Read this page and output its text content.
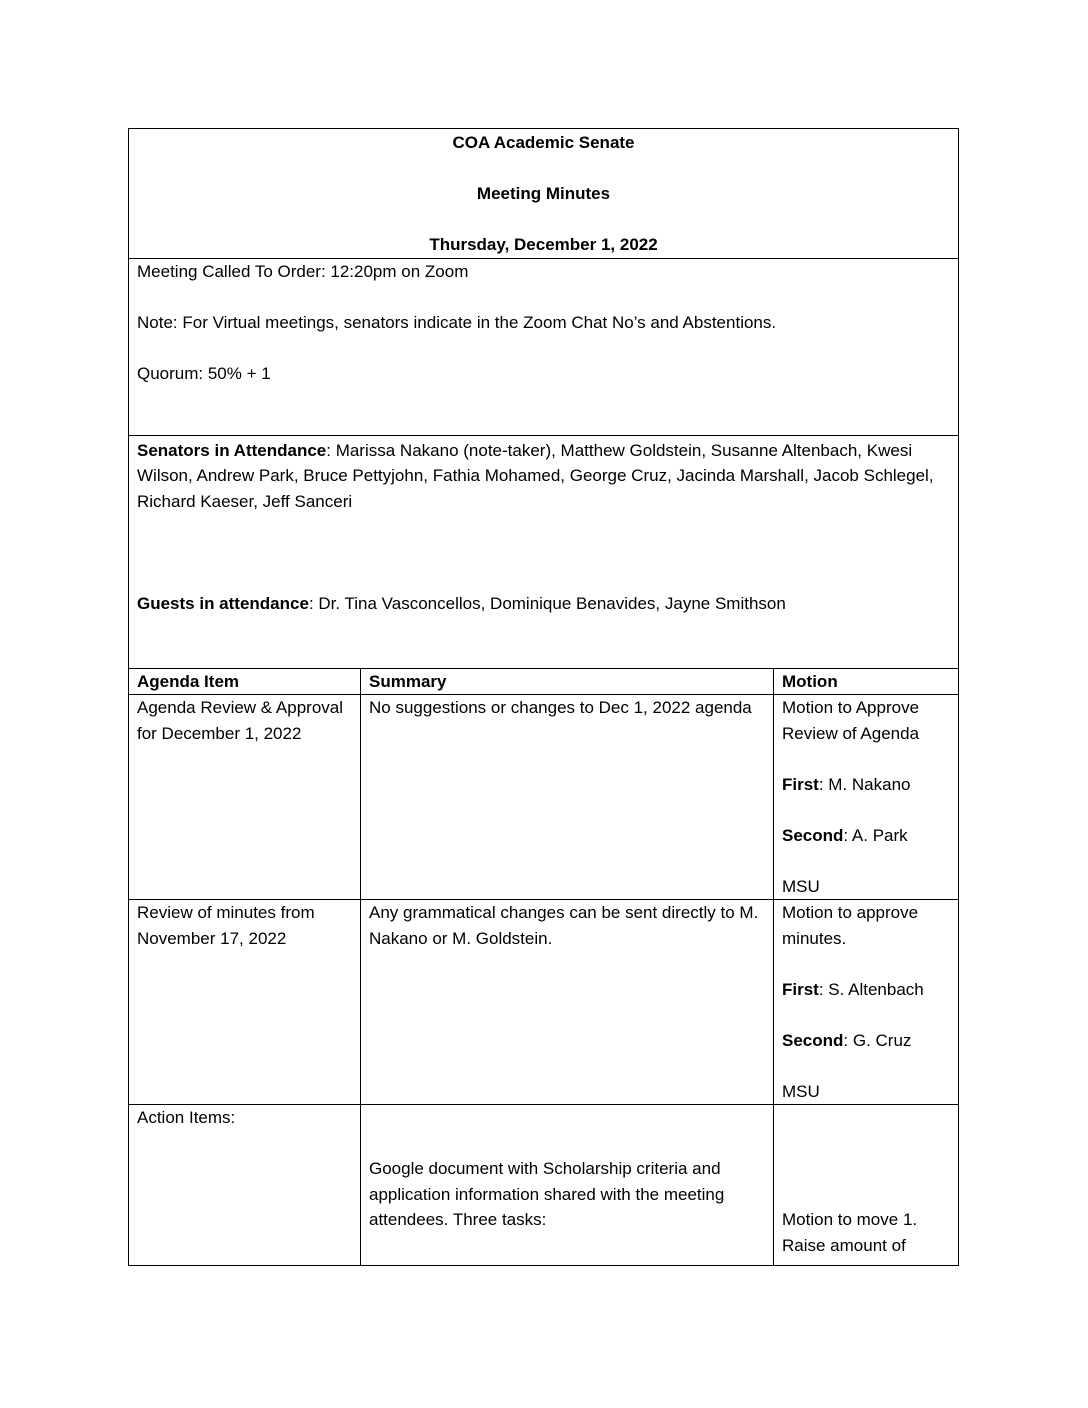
COA Academic Senate

Meeting Minutes

Thursday, December 1, 2022		

Meeting Called To Order: 12:20pm on Zoom

Note: For Virtual meetings, senators indicate in the Zoom Chat No’s and Abstentions.

Quorum: 50% + 1		

Senators in Attendance: Marissa Nakano (note-taker), Matthew Goldstein, Susanne Altenbach, Kwesi Wilson, Andrew Park, Bruce Pettyjohn, Fathia Mohamed, George Cruz, Jacinda Marshall, Jacob Schlegel, Richard Kaeser, Jeff Sanceri

Guests in attendance: Dr. Tina Vasconcellos, Dominique Benavides, Jayne Smithson		

Agenda Item	Summary	Motion
Agenda Review & Approval for December 1, 2022	No suggestions or changes to Dec 1, 2022 agenda	Motion to Approve Review of Agenda

First: M. Nakano

Second: A. Park

MSU

Review of minutes from November 17, 2022	Any grammatical changes can be sent directly to M. Nakano or M. Goldstein.	Motion to approve minutes.

First: S. Altenbach

Second: G. Cruz

MSU

Action Items:	Google document with Scholarship criteria and application information shared with the meeting attendees. Three tasks:	Motion to move 1. Raise amount of
